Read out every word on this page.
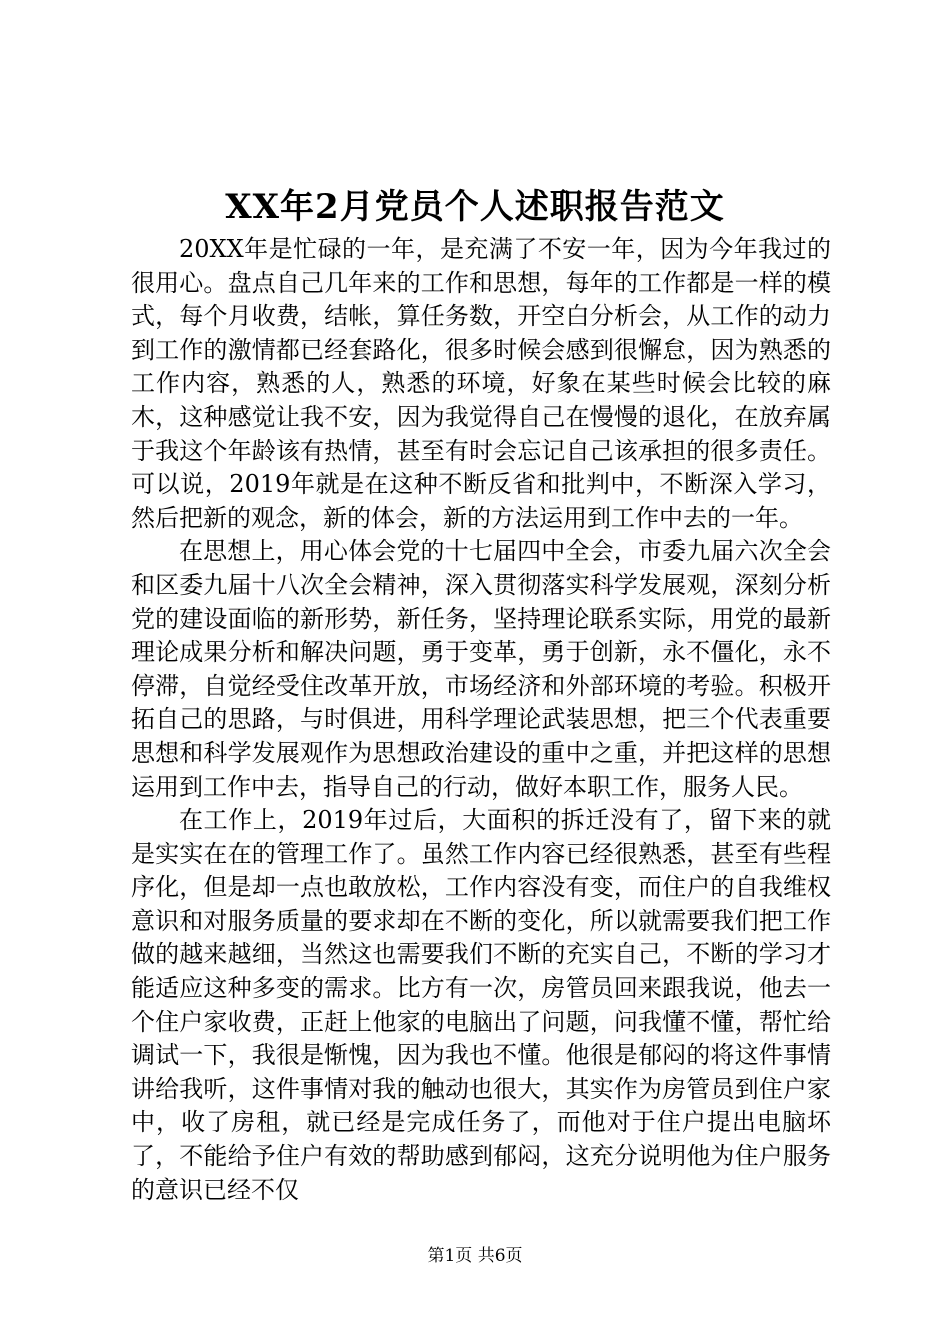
XX年2月党员个人述职报告范文

20XX年是忙碌的一年，是充满了不安一年，因为今年我过的很用心。盘点自己几年来的工作和思想，每年的工作都是一样的模式，每个月收费，结帐，算任务数，开空白分析会，从工作的动力到工作的激情都已经套路化，很多时候会感到很懈怠，因为熟悉的工作内容，熟悉的人，熟悉的环境，好象在某些时候会比较的麻木，这种感觉让我不安，因为我觉得自己在慢慢的退化，在放弃属于我这个年龄该有热情，甚至有时会忘记自己该承担的很多责任。可以说，2019年就是在这种不断反省和批判中，不断深入学习，然后把新的观念，新的体会，新的方法运用到工作中去的一年。

在思想上，用心体会党的十七届四中全会，市委九届六次全会和区委九届十八次全会精神，深入贯彻落实科学发展观，深刻分析党的建设面临的新形势，新任务，坚持理论联系实际，用党的最新理论成果分析和解决问题，勇于变革，勇于创新，永不僵化，永不停滞，自觉经受住改革开放，市场经济和外部环境的考验。积极开拓自己的思路，与时俱进，用科学理论武装思想，把三个代表重要思想和科学发展观作为思想政治建设的重中之重，并把这样的思想运用到工作中去，指导自己的行动，做好本职工作，服务人民。

在工作上，2019年过后，大面积的拆迁没有了，留下来的就是实实在在的管理工作了。虽然工作内容已经很熟悉，甚至有些程序化，但是却一点也敢放松，工作内容没有变，而住户的自我维权意识和对服务质量的要求却在不断的变化，所以就需要我们把工作做的越来越细，当然这也需要我们不断的充实自己，不断的学习才能适应这种多变的需求。比方有一次，房管员回来跟我说，他去一个住户家收费，正赶上他家的电脑出了问题，问我懂不懂，帮忙给调试一下，我很是惭愧，因为我也不懂。他很是郁闷的将这件事情讲给我听，这件事情对我的触动也很大，其实作为房管员到住户家中，收了房租，就已经是完成任务了，而他对于住户提出电脑坏了，不能给予住户有效的帮助感到郁闷，这充分说明他为住户服务的意识已经不仅

第1页 共6页
